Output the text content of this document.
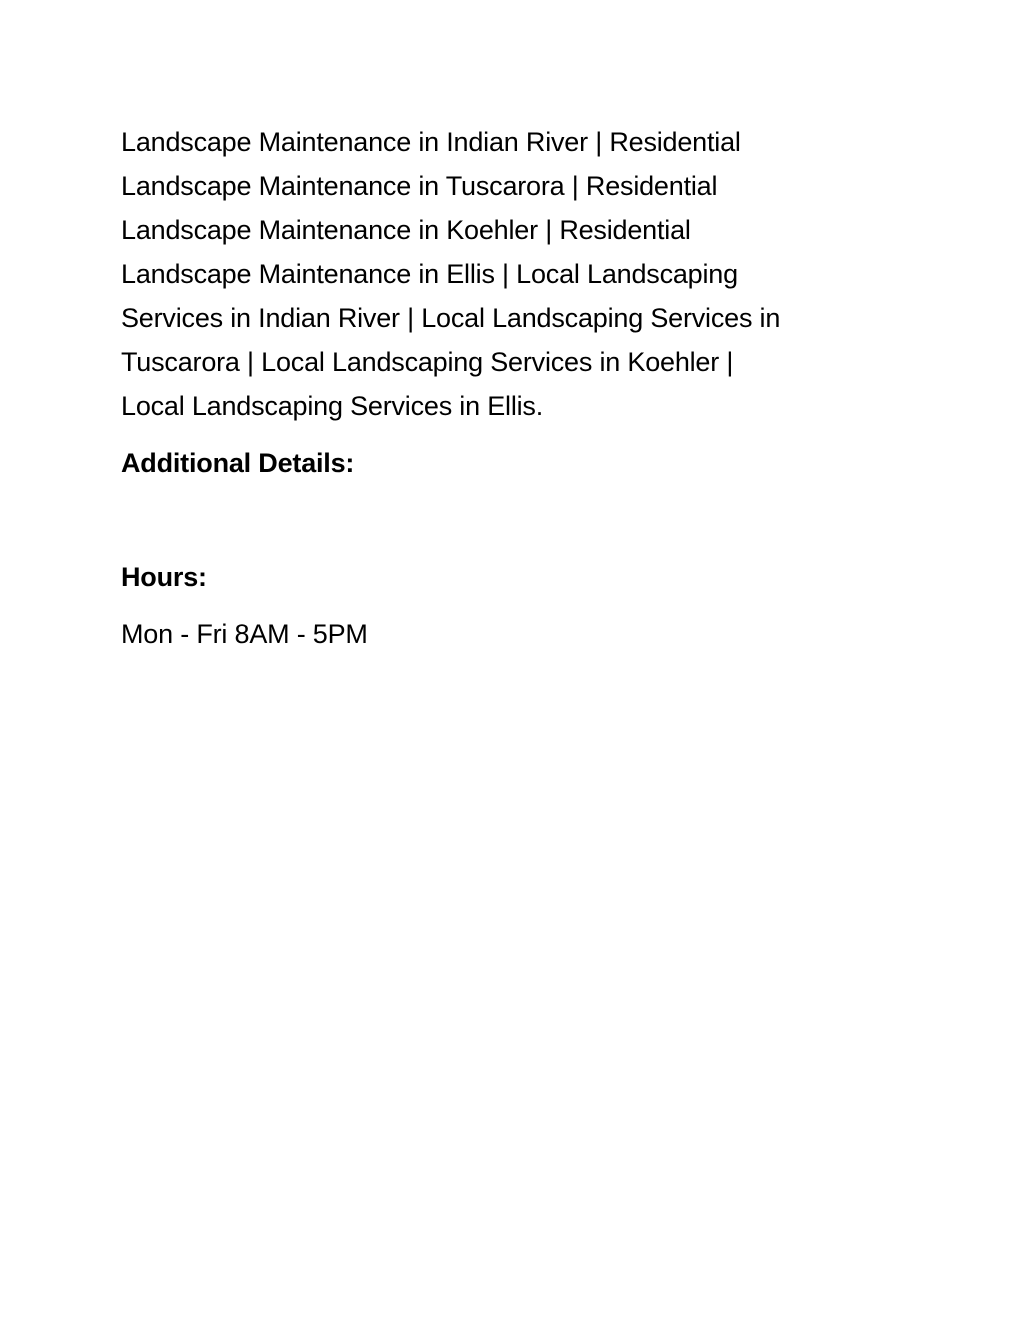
Landscape Maintenance in Indian River | Residential
Landscape Maintenance in Tuscarora | Residential
Landscape Maintenance in Koehler | Residential
Landscape Maintenance in Ellis | Local Landscaping
Services in Indian River | Local Landscaping Services in
Tuscarora | Local Landscaping Services in Koehler |
Local Landscaping Services in Ellis.

Additional Details:
Hours:

Mon - Fri 8AM - 5PM
